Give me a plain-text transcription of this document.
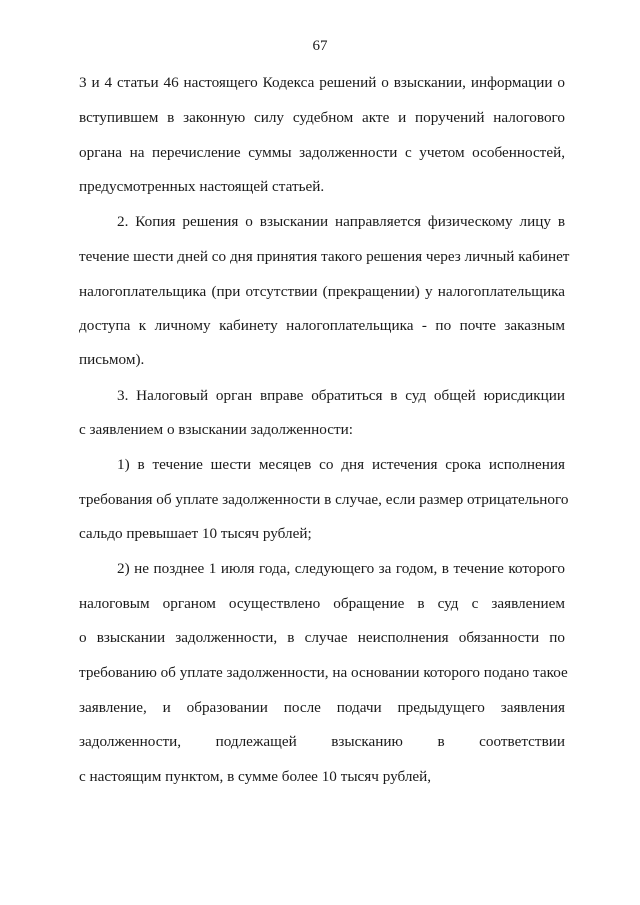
67
3 и 4 статьи 46 настоящего Кодекса решений о взыскании, информации о
вступившем в законную силу судебном акте и поручений налогового
органа на перечисление суммы задолженности с учетом особенностей,
предусмотренных настоящей статьей.
2. Копия решения о взыскании направляется физическому лицу в
течение шести дней со дня принятия такого решения через личный кабинет
налогоплательщика (при отсутствии (прекращении) у налогоплательщика
доступа к личному кабинету налогоплательщика - по почте заказным
письмом).
3. Налоговый орган вправе обратиться в суд общей юрисдикции
с заявлением о взыскании задолженности:
1) в течение шести месяцев со дня истечения срока исполнения
требования об уплате задолженности в случае, если размер отрицательного
сальдо превышает 10 тысяч рублей;
2) не позднее 1 июля года, следующего за годом, в течение которого
налоговым органом осуществлено обращение в суд с заявлением
о взыскании задолженности, в случае неисполнения обязанности по
требованию об уплате задолженности, на основании которого подано такое
заявление, и образовании после подачи предыдущего заявления
задолженности, подлежащей взысканию в соответствии
с настоящим пунктом, в сумме более 10 тысяч рублей,
